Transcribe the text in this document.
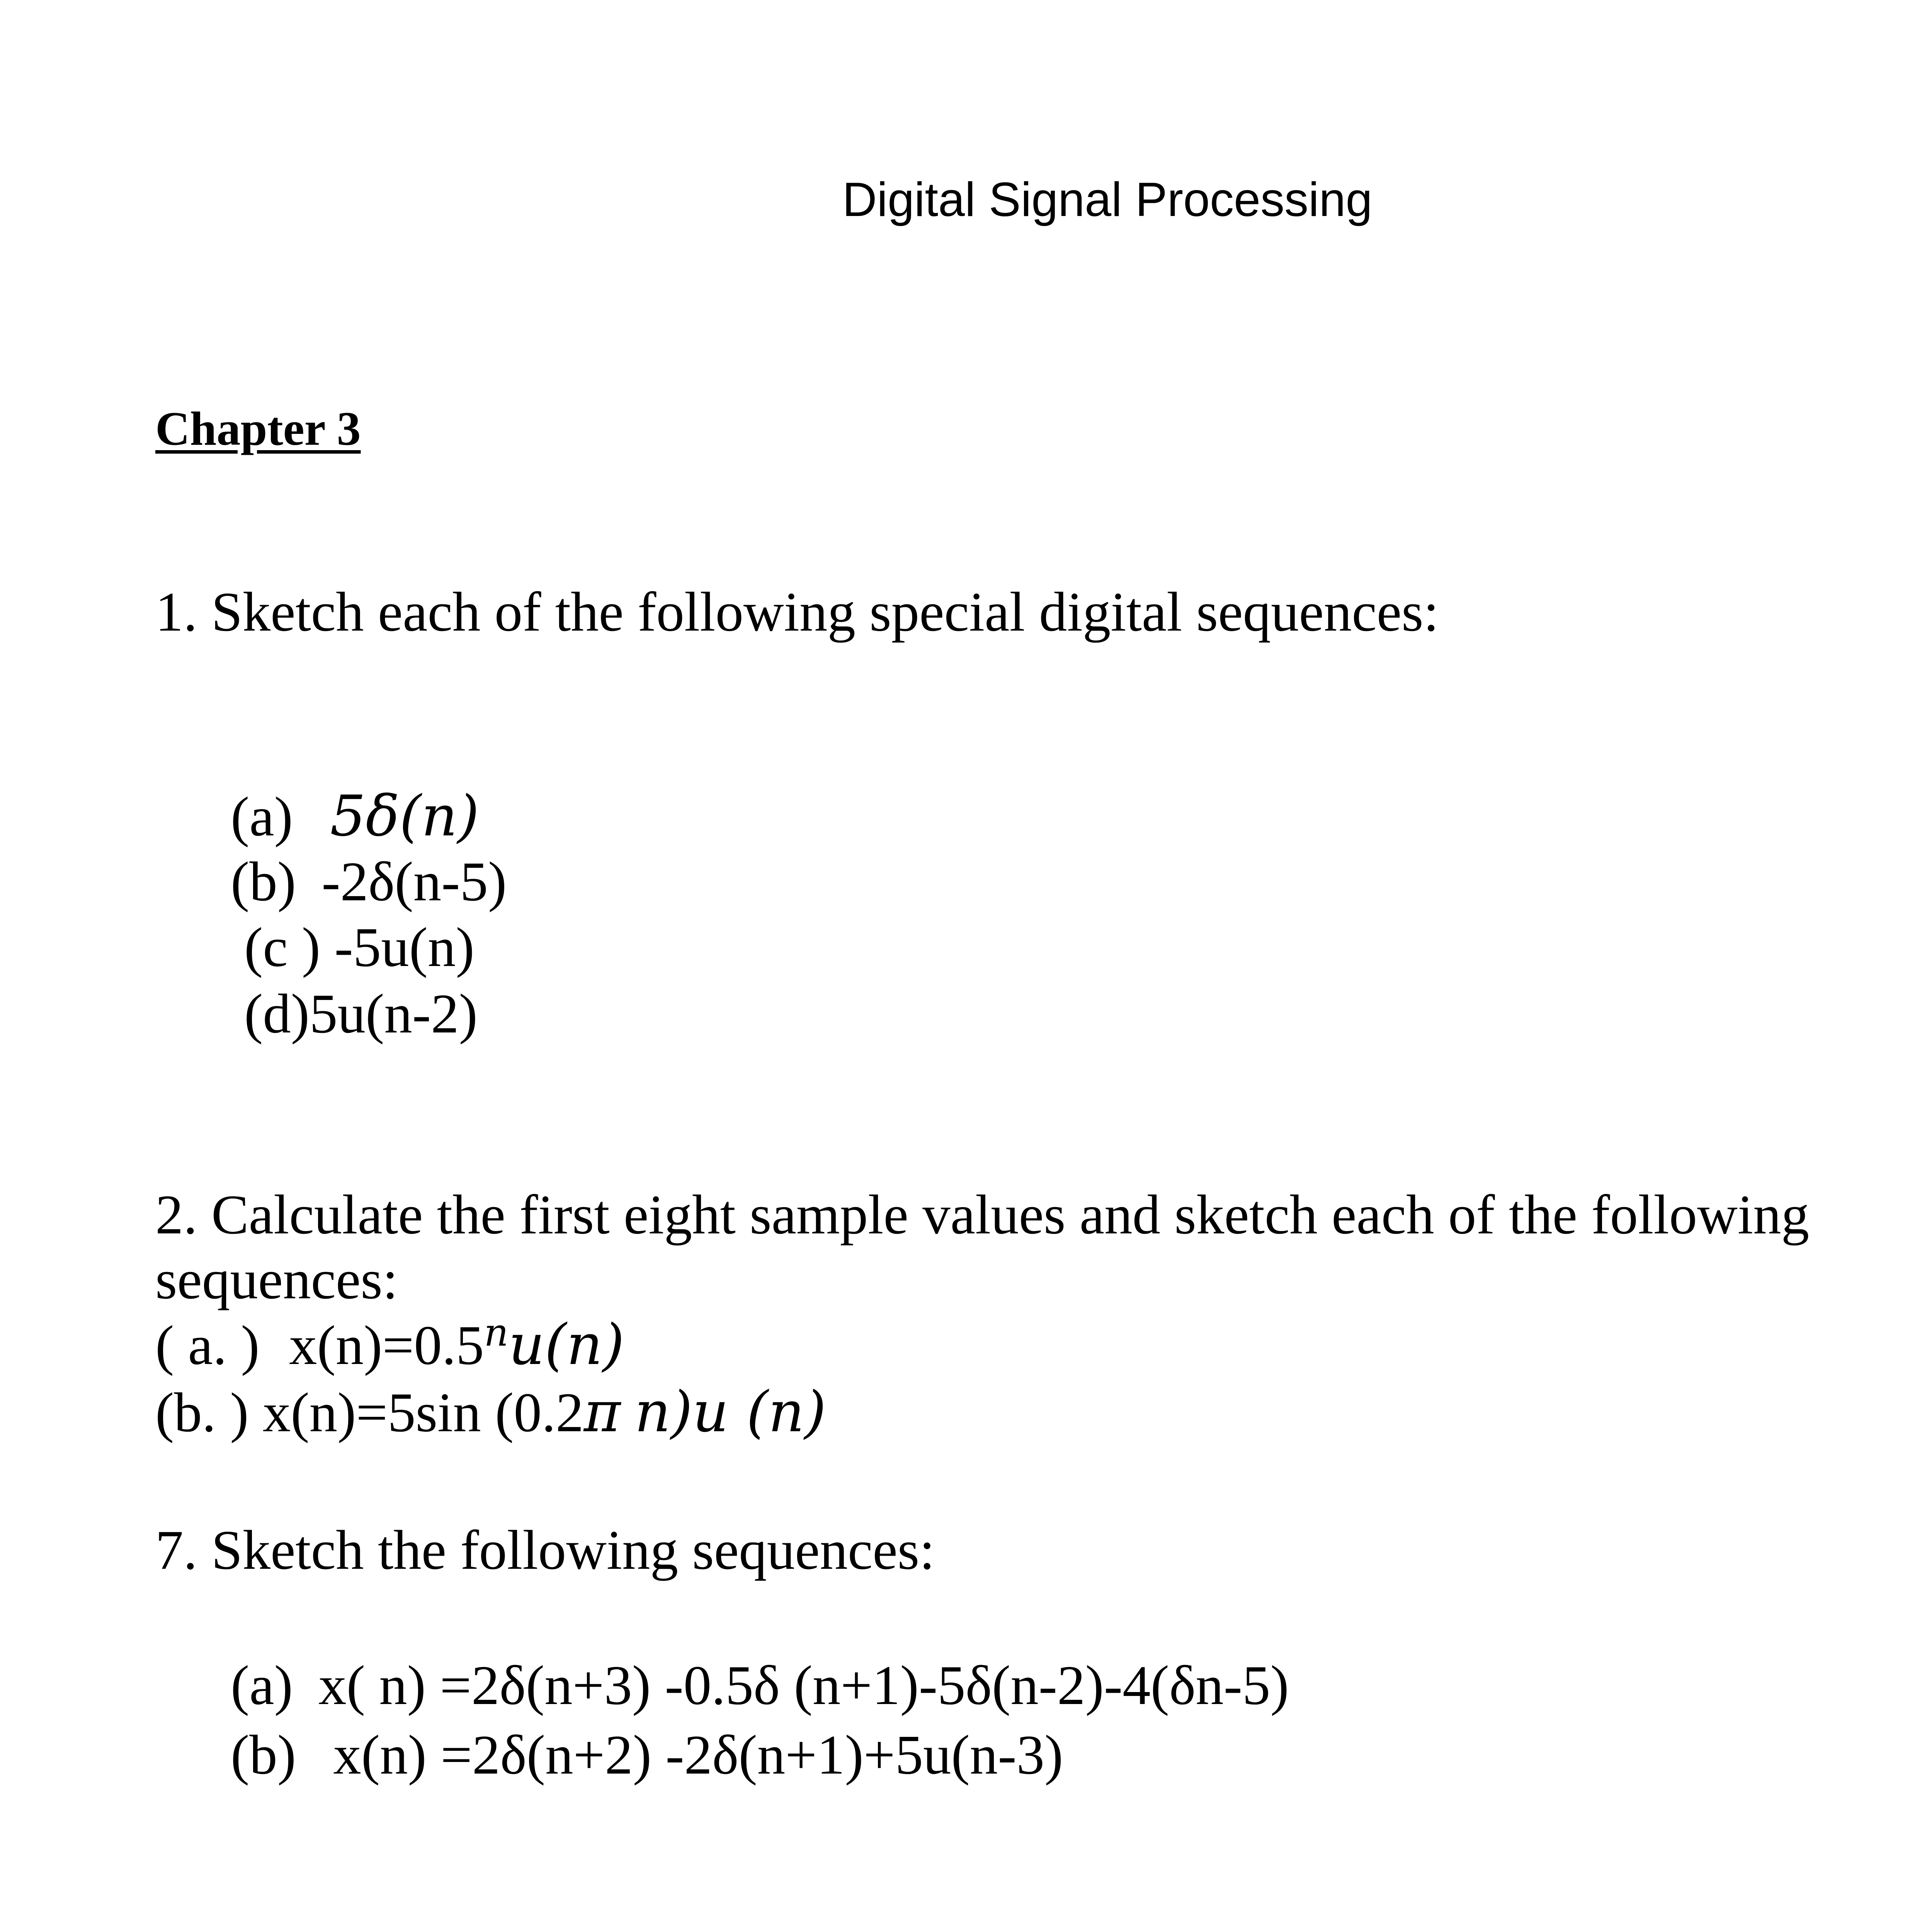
Digital Signal Processing
Chapter 3
1. Sketch each of the following special digital sequences:
(a) 5δ(n)
(b) -2δ(n-5)
(c ) -5u(n)
(d)5u(n-2)
2. Calculate the first eight sample values and sketch each of the following
sequences:
( a. ) $x(n)=0.5^nu(n)$
(b. ) x(n)=5sin (0.2π n)u (n)
7. Sketch the following sequences:
(a) x( n) =2δ(n+3) -0.5δ (n+1)-5δ(n-2)-4(δn-5)
(b) x(n) =2δ(n+2) -2δ(n+1)+5u(n-3)
